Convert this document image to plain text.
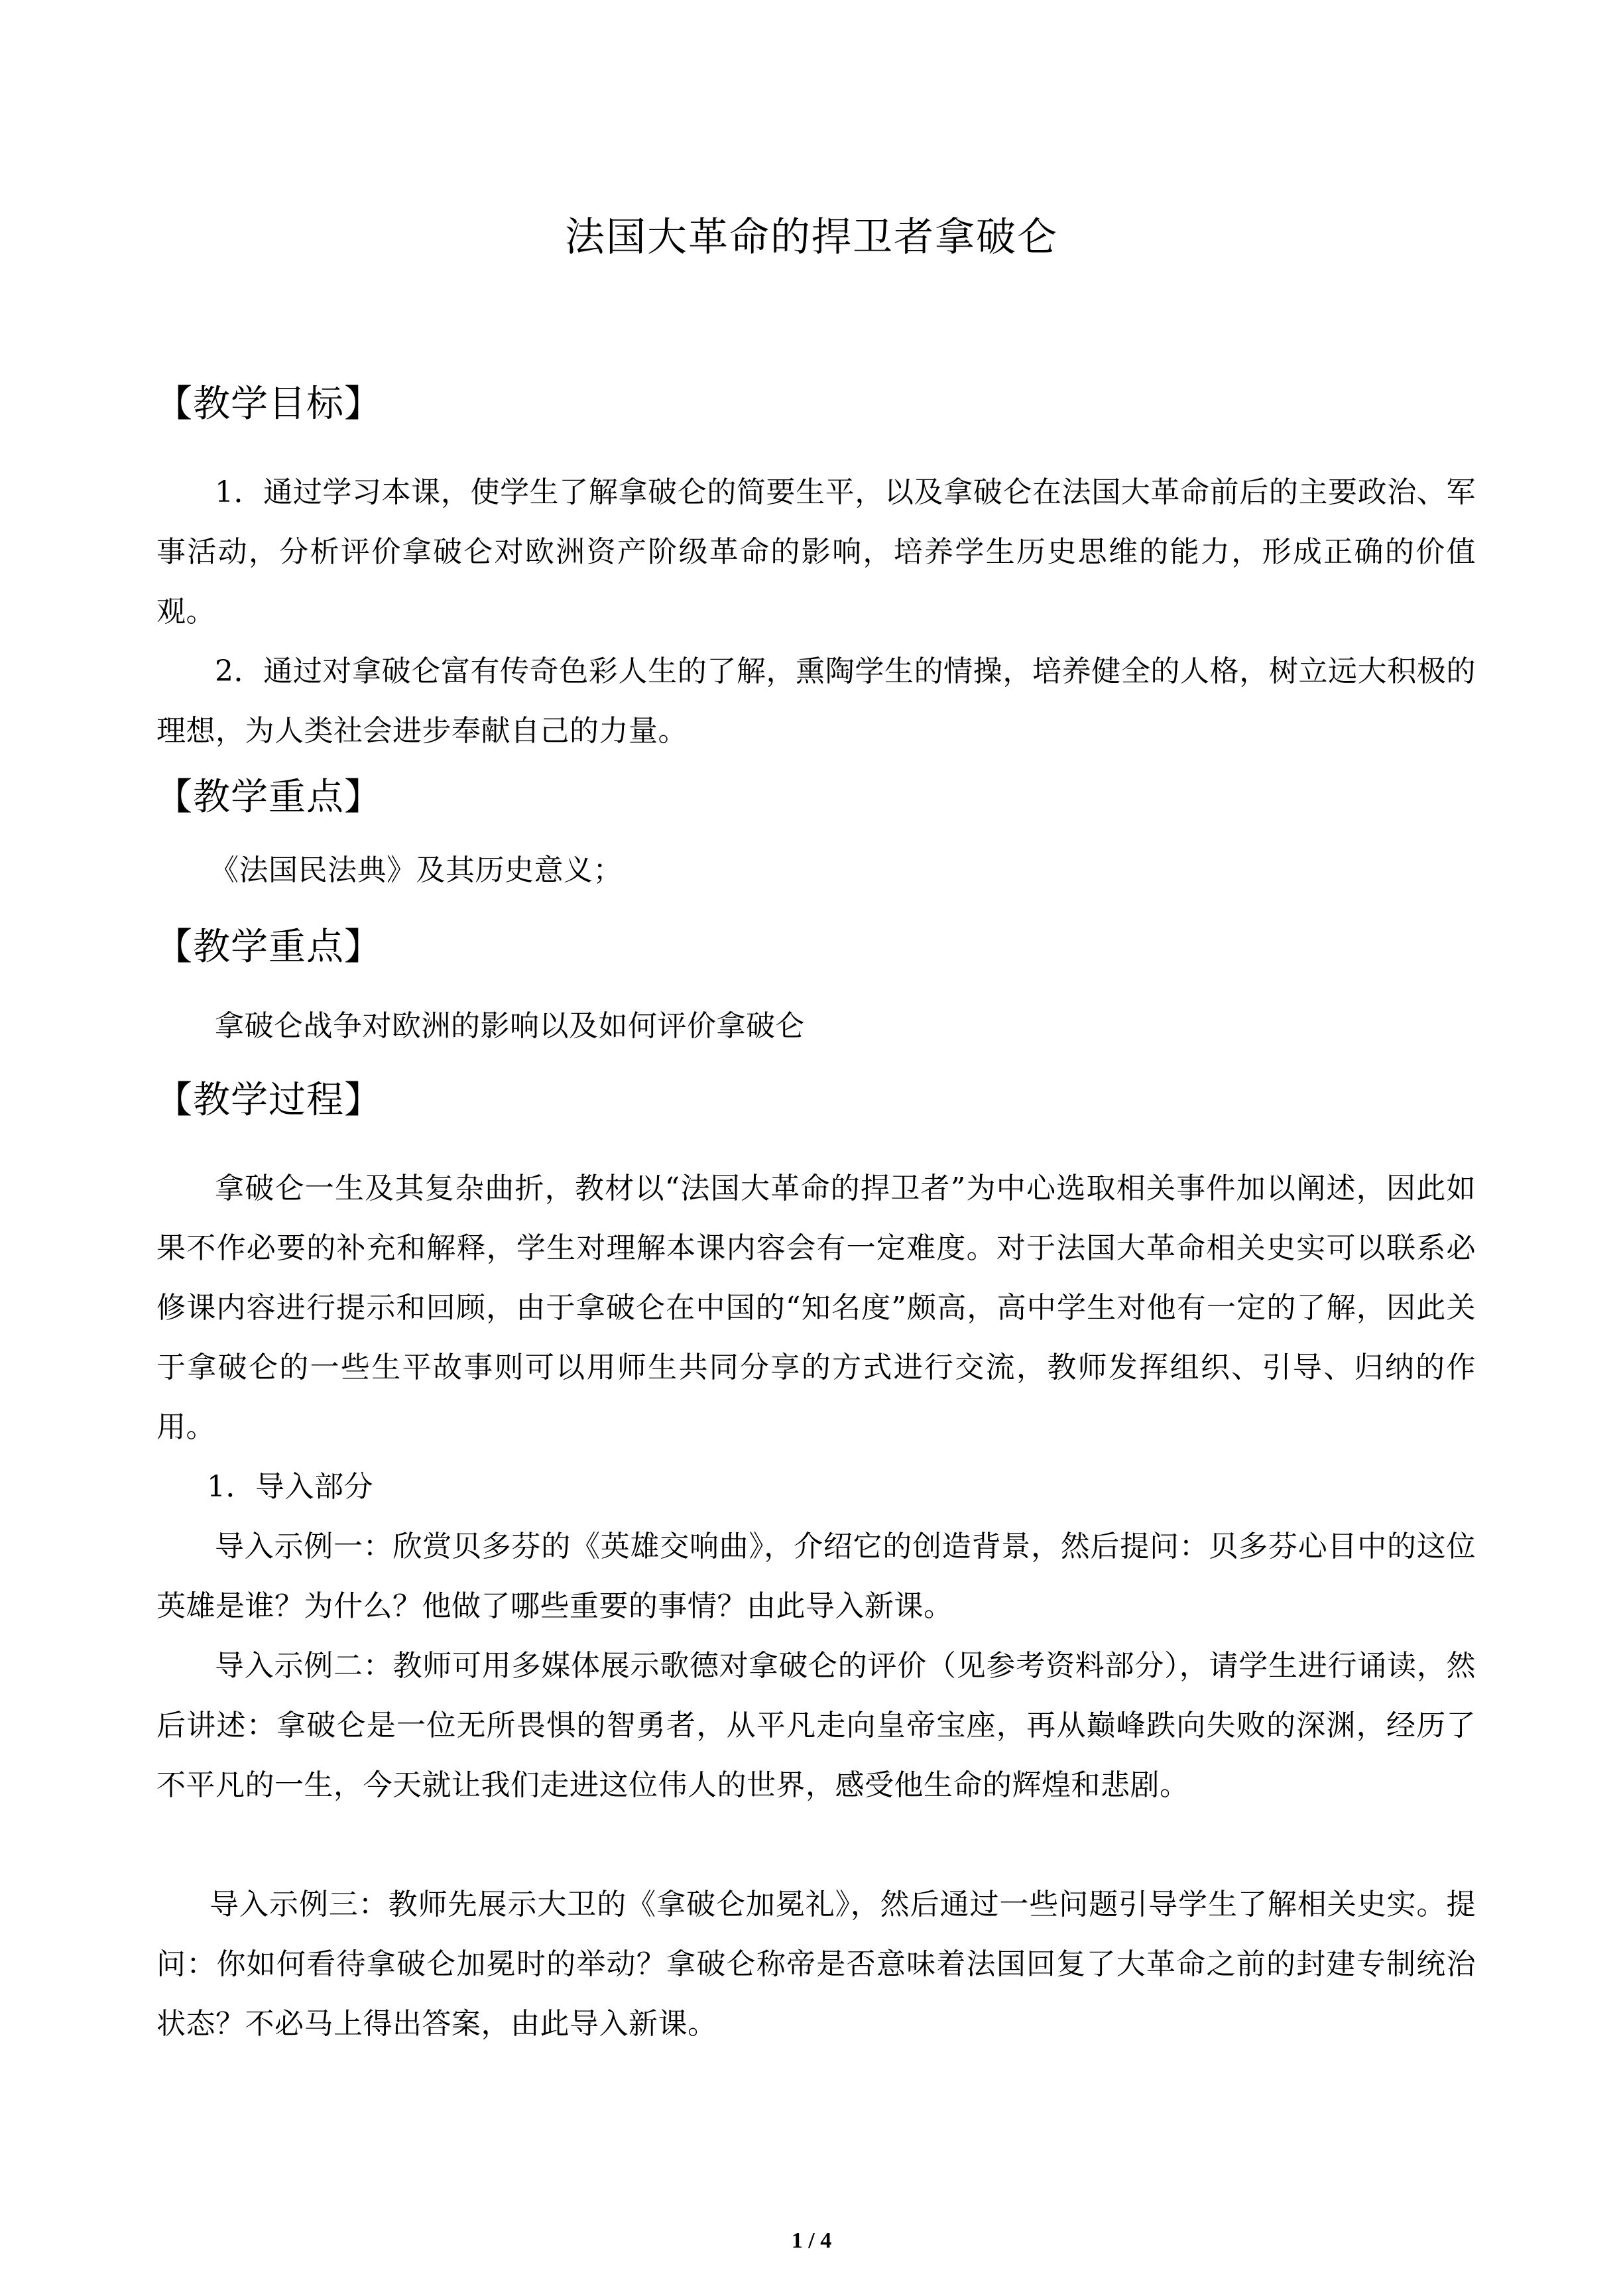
法国大革命的捍卫者拿破仑
【教学目标】
1．通过学习本课，使学生了解拿破仑的简要生平，以及拿破仑在法国大革命前后的主要政治、军事活动，分析评价拿破仑对欧洲资产阶级革命的影响，培养学生历史思维的能力，形成正确的价值观。
2．通过对拿破仑富有传奇色彩人生的了解，熏陶学生的情操，培养健全的人格，树立远大积极的理想，为人类社会进步奉献自己的力量。
【教学重点】
《法国民法典》及其历史意义；
【教学重点】
拿破仑战争对欧洲的影响以及如何评价拿破仑
【教学过程】
拿破仑一生及其复杂曲折，教材以“法国大革命的捍卫者”为中心选取相关事件加以阐述，因此如果不作必要的补充和解释，学生对理解本课内容会有一定难度。对于法国大革命相关史实可以联系必修课内容进行提示和回顾，由于拿破仑在中国的“知名度”颇高，高中学生对他有一定的了解，因此关于拿破仑的一些生平故事则可以用师生共同分享的方式进行交流，教师发挥组织、引导、归纳的作用。
1．导入部分
导入示例一：欣赏贝多芬的《英雄交响曲》，介绍它的创造背景，然后提问：贝多芬心目中的这位英雄是谁？为什么？他做了哪些重要的事情？由此导入新课。
导入示例二：教师可用多媒体展示歌德对拿破仑的评价（见参考资料部分），请学生进行诵读，然后讲述：拿破仑是一位无所畏惧的智勇者，从平凡走向皇帝宝座，再从巅峰跌向失败的深渊，经历了不平凡的一生，今天就让我们走进这位伟人的世界，感受他生命的辉煌和悲剧。
导入示例三：教师先展示大卫的《拿破仑加冕礼》，然后通过一些问题引导学生了解相关史实。提问：你如何看待拿破仑加冕时的举动？拿破仑称帝是否意味着法国回复了大革命之前的封建专制统治状态？不必马上得出答案，由此导入新课。
1 / 4
